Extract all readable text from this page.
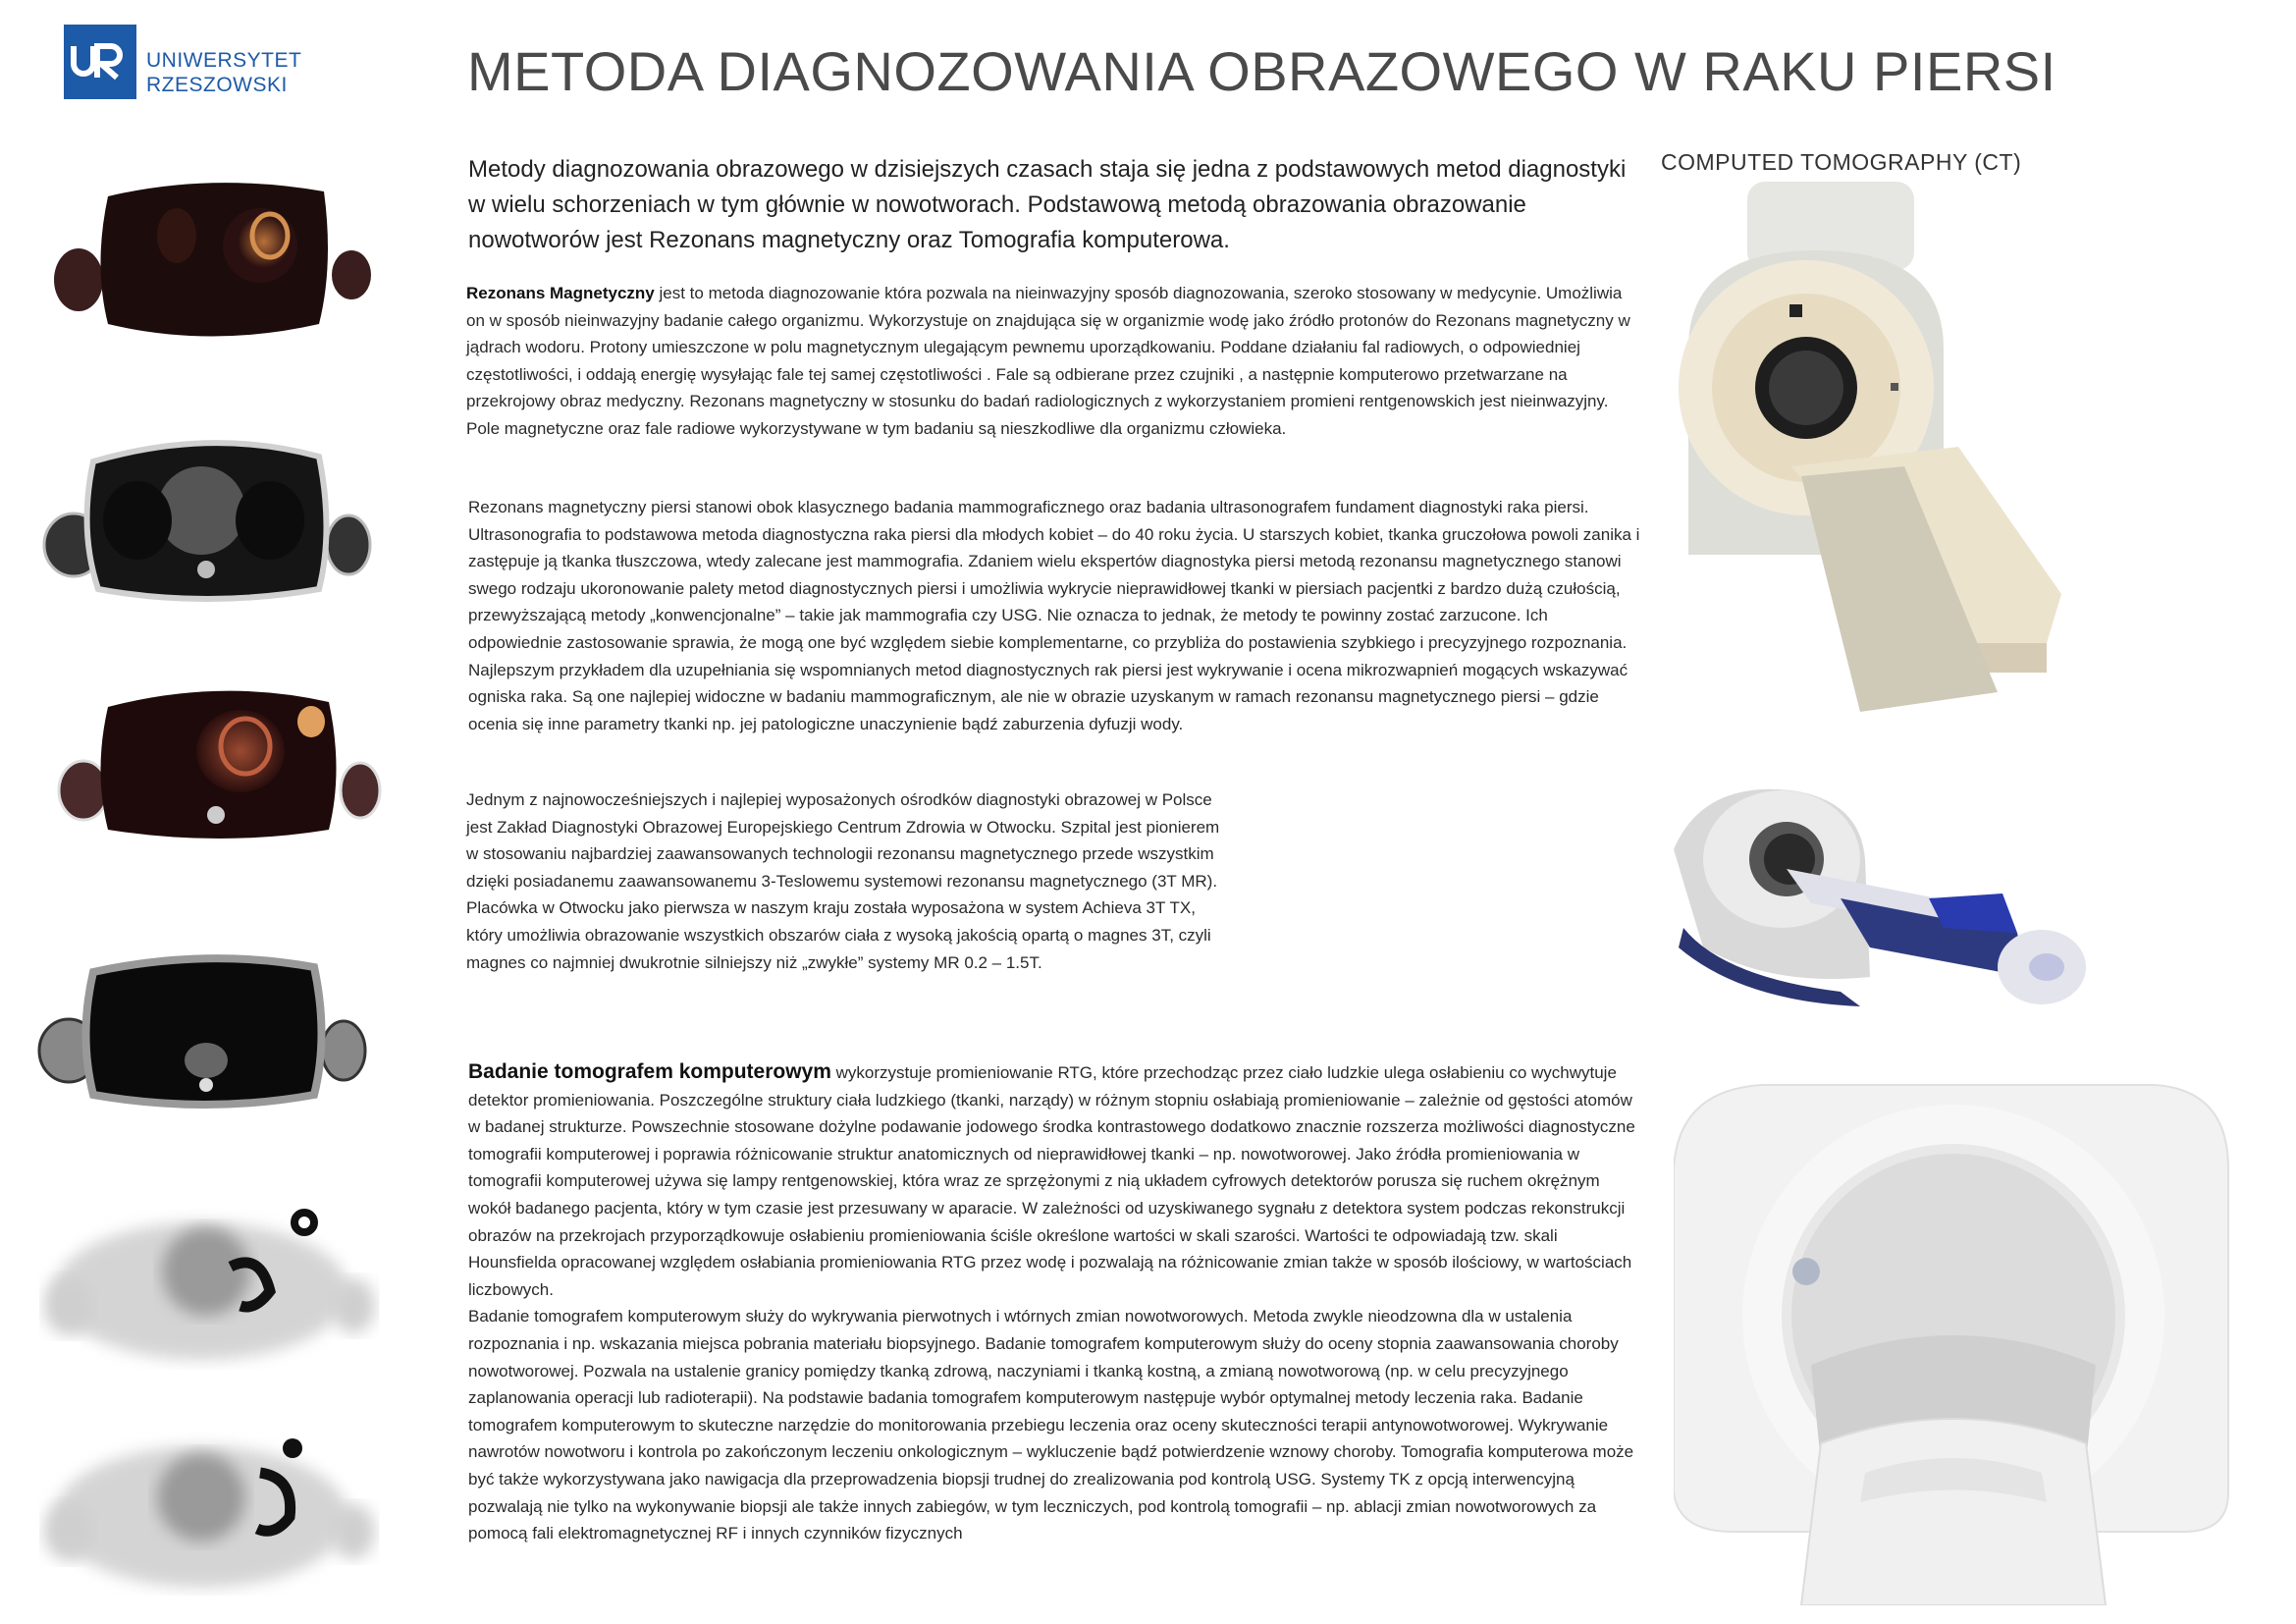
UNIWERSYTET
RZESZOWSKI	METODA DIAGNOZOWANIA OBRAZOWEGO W RAKU PIERSI
Metody diagnozowania obrazowego w dzisiejszych czasach staja się jedna z podstawowych metod diagnostyki w wielu schorzeniach w tym głównie w nowotworach. Podstawową metodą obrazowania obrazowanie nowotworów jest Rezonans magnetyczny oraz Tomografia komputerowa.
Rezonans Magnetyczny jest to metoda diagnozowanie która pozwala na nieinwazyjny sposób diagnozowania, szeroko stosowany w medycynie. Umożliwia on w sposób nieinwazyjny badanie całego organizmu. Wykorzystuje on znajdująca się w organizmie wodę jako źródło protonów do Rezonans magnetyczny w jądrach wodoru. Protony umieszczone w polu magnetycznym ulegającym pewnemu uporządkowaniu. Poddane działaniu fal radiowych, o odpowiedniej częstotliwości, i oddają energię wysyłając fale tej samej częstotliwości . Fale są odbierane przez czujniki , a następnie komputerowo przetwarzane na przekrojowy obraz medyczny. Rezonans magnetyczny w stosunku do badań radiologicznych z wykorzystaniem promieni rentgenowskich jest nieinwazyjny. Pole magnetyczne oraz fale radiowe wykorzystywane w tym badaniu są nieszkodliwe dla organizmu człowieka.
Rezonans magnetyczny piersi stanowi obok klasycznego badania mammograficznego oraz badania ultrasonografem fundament diagnostyki raka piersi. Ultrasonografia to podstawowa metoda diagnostyczna raka piersi dla młodych kobiet – do 40 roku życia. U starszych kobiet, tkanka gruczołowa powoli zanika i zastępuje ją tkanka tłuszczowa, wtedy zalecane jest mammografia. Zdaniem wielu ekspertów diagnostyka piersi metodą rezonansu magnetycznego stanowi swego rodzaju ukoronowanie palety metod diagnostycznych piersi i umożliwia wykrycie nieprawidłowej tkanki w piersiach pacjentki z bardzo dużą czułością, przewyższającą metody „konwencjonalne” – takie jak mammografia czy USG. Nie oznacza to jednak, że metody te powinny zostać zarzucone. Ich odpowiednie zastosowanie sprawia, że mogą one być względem siebie komplementarne, co przybliża do postawienia szybkiego i precyzyjnego rozpoznania. Najlepszym przykładem dla uzupełniania się wspomnianych metod diagnostycznych rak piersi jest wykrywanie i ocena mikrozwapnień mogących wskazywać ogniska raka. Są one najlepiej widoczne w badaniu mammograficznym, ale nie w obrazie uzyskanym w ramach rezonansu magnetycznego piersi – gdzie ocenia się inne parametry tkanki np. jej patologiczne unaczynienie bądź zaburzenia dyfuzji wody.
Jednym z najnowocześniejszych i najlepiej wyposażonych ośrodków diagnostyki obrazowej w Polsce jest Zakład Diagnostyki Obrazowej Europejskiego Centrum Zdrowia w Otwocku. Szpital jest pionierem w stosowaniu najbardziej zaawansowanych technologii rezonansu magnetycznego przede wszystkim dzięki posiadanemu zaawansowanemu 3-Teslowemu systemowi rezonansu magnetycznego (3T MR). Placówka w Otwocku jako pierwsza w naszym kraju została wyposażona w system Achieva 3T TX, który umożliwia obrazowanie wszystkich obszarów ciała z wysoką jakością opartą o magnes 3T, czyli magnes co najmniej dwukrotnie silniejszy niż „zwykłe” systemy MR 0.2 – 1.5T.
Badanie tomografem komputerowym wykorzystuje promieniowanie RTG, które przechodząc przez ciało ludzkie ulega osłabieniu co wychwytuje detektor promieniowania. Poszczególne struktury ciała ludzkiego (tkanki, narządy) w różnym stopniu osłabiają promieniowanie – zależnie od gęstości atomów w badanej strukturze. Powszechnie stosowane dożylne podawanie jodowego środka kontrastowego dodatkowo znacznie rozszerza możliwości diagnostyczne tomografii komputerowej i poprawia różnicowanie struktur anatomicznych od nieprawidłowej tkanki – np. nowotworowej. Jako źródła promieniowania w tomografii komputerowej używa się lampy rentgenowskiej, która wraz ze sprzężonymi z nią układem cyfrowych detektorów porusza się ruchem okrężnym wokół badanego pacjenta, który w tym czasie jest przesuwany w aparacie. W zależności od uzyskiwanego sygnału z detektora system podczas rekonstrukcji obrazów na przekrojach przyporządkowuje osłabieniu promieniowania ściśle określone wartości w skali szarości. Wartości te odpowiadają tzw. skali Hounsfielda opracowanej względem osłabiania promieniowania RTG przez wodę i pozwalają na różnicowanie zmian także w sposób ilościowy, w wartościach liczbowych.
Badanie tomografem komputerowym służy do wykrywania pierwotnych i wtórnych zmian nowotworowych. Metoda zwykle nieodzowna dla w ustalenia rozpoznania i np. wskazania miejsca pobrania materiału biopsyjnego. Badanie tomografem komputerowym służy do oceny stopnia zaawansowania choroby nowotworowej. Pozwala na ustalenie granicy pomiędzy tkanką zdrową, naczyniami i tkanką kostną, a zmianą nowotworową (np. w celu precyzyjnego zaplanowania operacji lub radioterapii). Na podstawie badania tomografem komputerowym następuje wybór optymalnej metody leczenia raka. Badanie tomografem komputerowym to skuteczne narzędzie do monitorowania przebiegu leczenia oraz oceny skuteczności terapii antynowotworowej. Wykrywanie nawrotów nowotworu i kontrola po zakończonym leczeniu onkologicznym – wykluczenie bądź potwierdzenie wznowy choroby. Tomografia komputerowa może być także wykorzystywana jako nawigacja dla przeprowadzenia biopsji trudnej do zrealizowania pod kontrolą USG. Systemy TK z opcją interwencyjną pozwalają nie tylko na wykonywanie biopsji ale także innych zabiegów, w tym leczniczych, pod kontrolą tomografii – np. ablacji zmian nowotworowych za pomocą fali elektromagnetycznej RF i innych czynników fizycznych
COMPUTED TOMOGRAPHY (CT)
